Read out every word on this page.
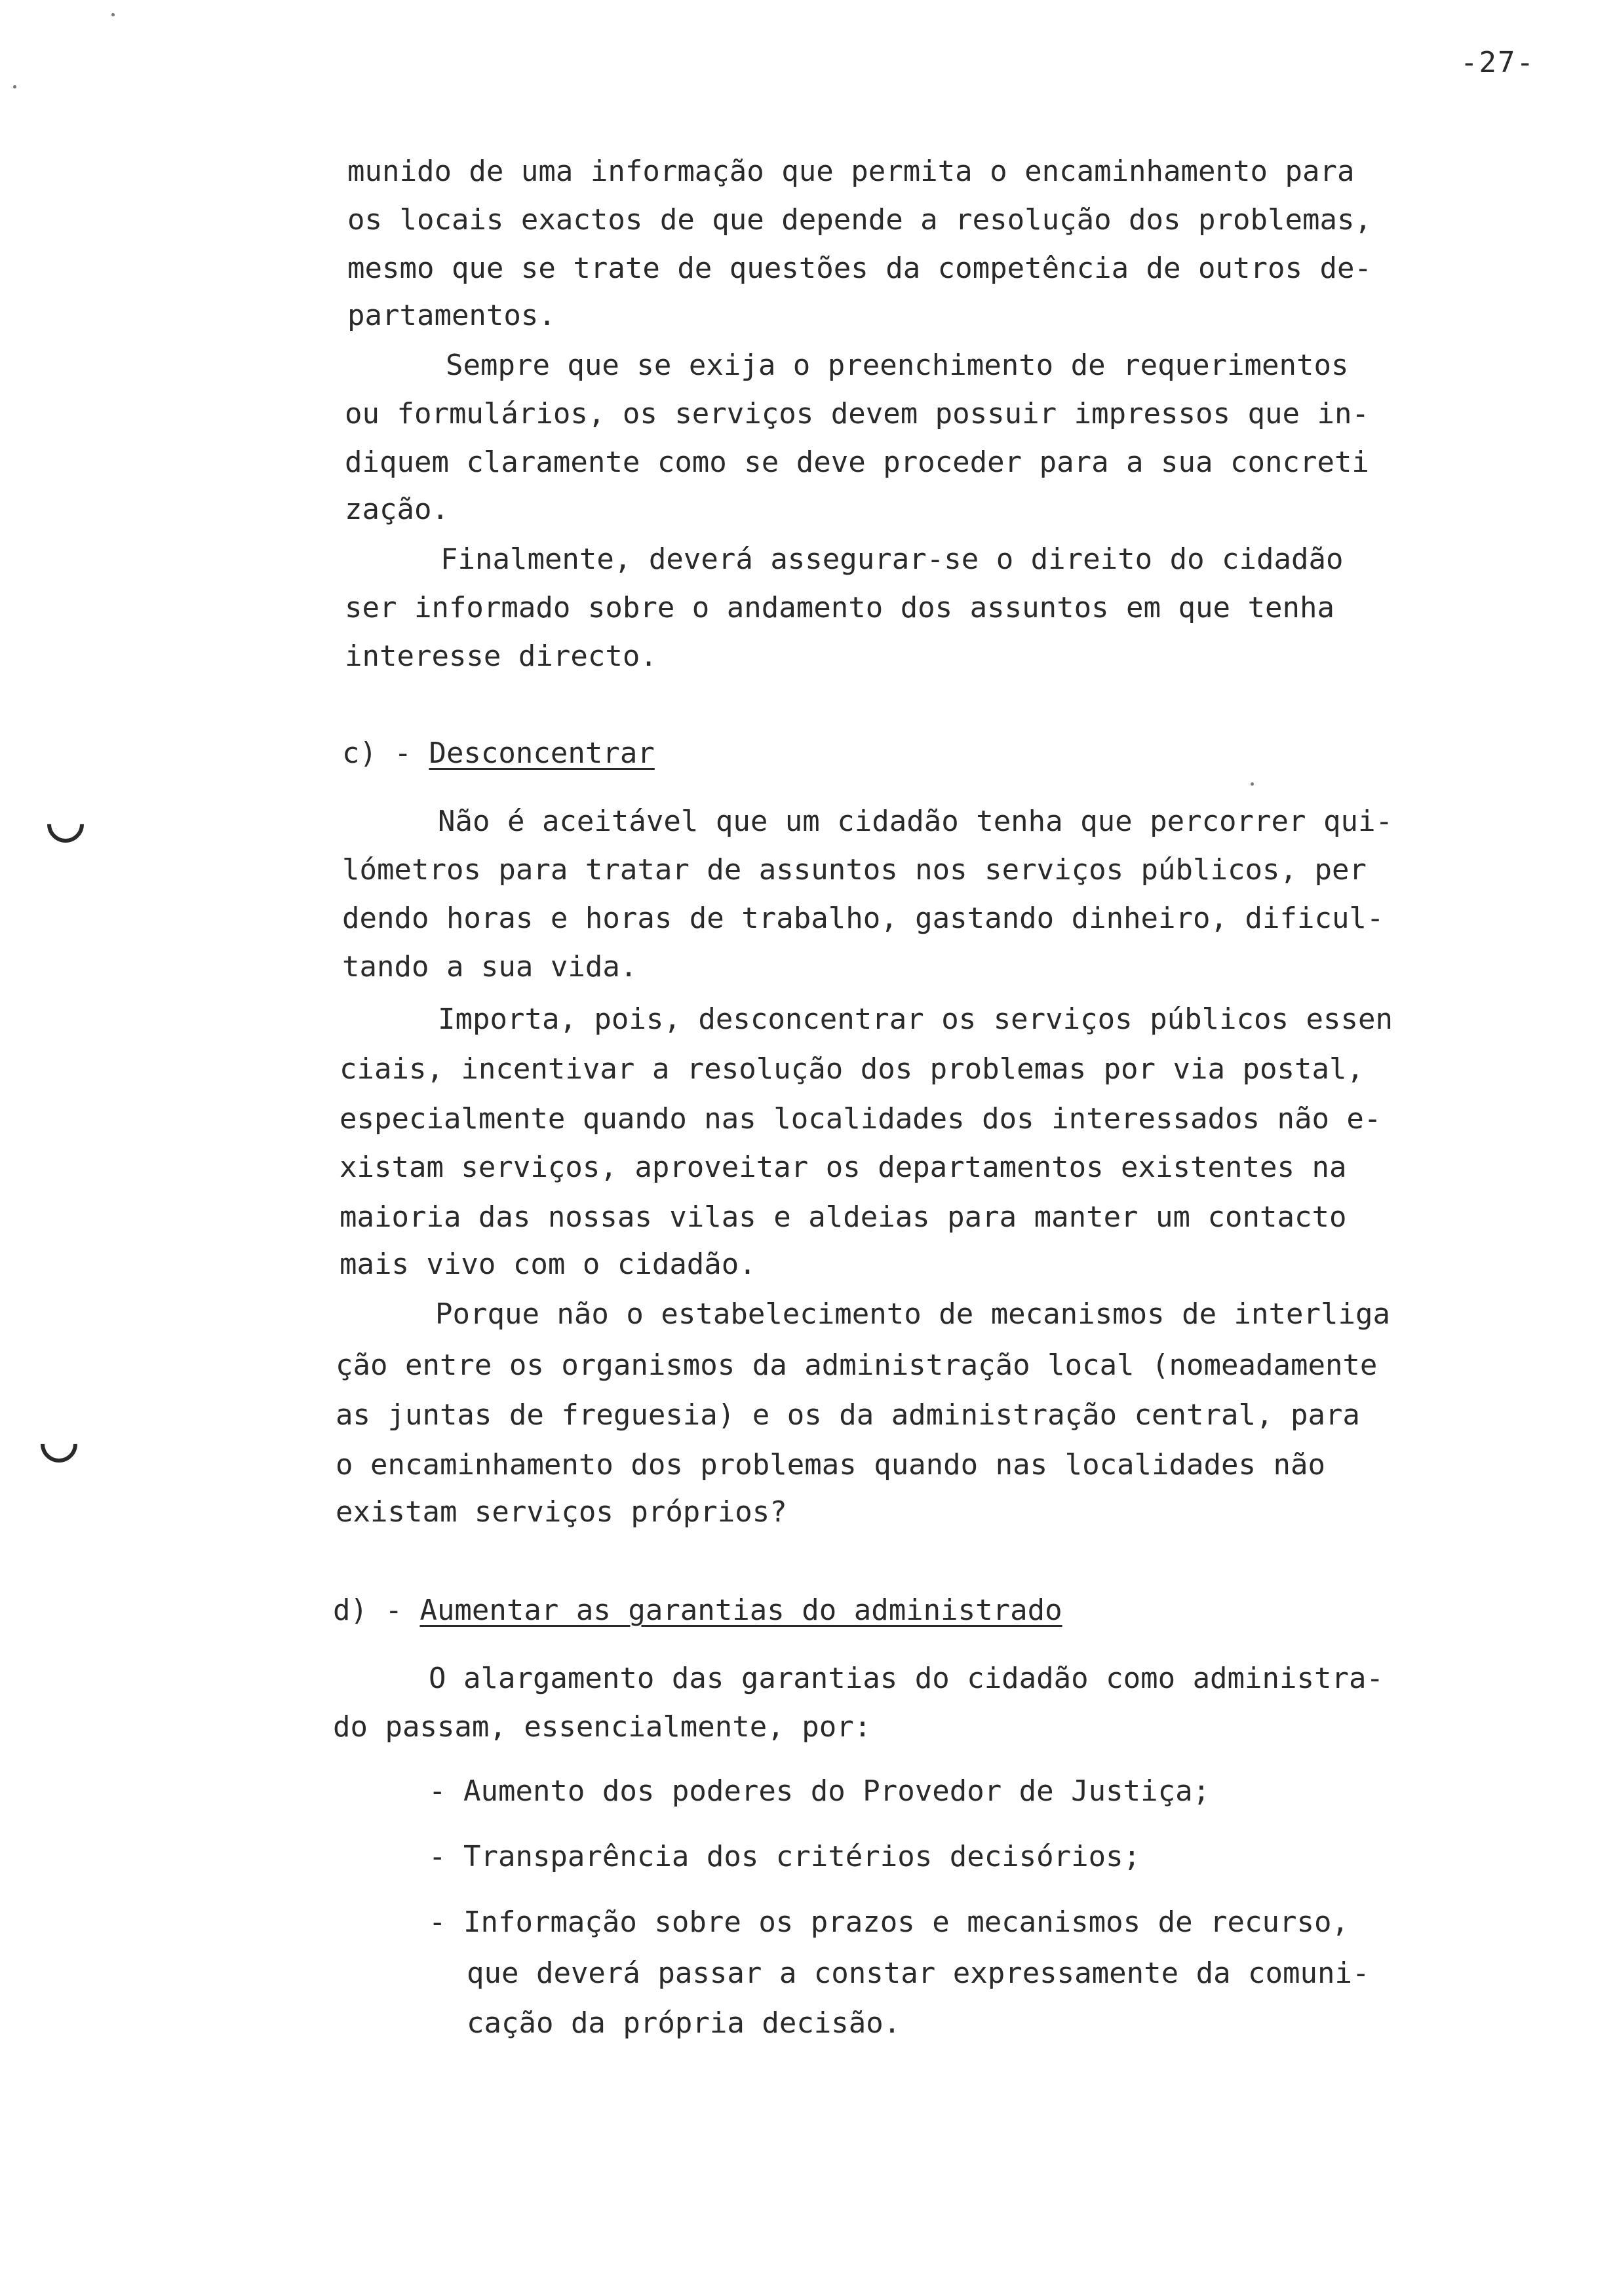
-27-
munido de uma informação que permita o encaminhamento para
os locais exactos de que depende a resolução dos problemas,
mesmo que se trate de questões da competência de outros de-
partamentos.
Sempre que se exija o preenchimento de requerimentos
ou formulários, os serviços devem possuir impressos que in-
diquem claramente como se deve proceder para a sua concreti
zação.
Finalmente, deverá assegurar-se o direito do cidadão
ser informado sobre o andamento dos assuntos em que tenha
interesse directo.
c) - Desconcentrar
Não é aceitável que um cidadão tenha que percorrer qui-
lómetros para tratar de assuntos nos serviços públicos, per
dendo horas e horas de trabalho, gastando dinheiro, dificul-
tando a sua vida.
Importa, pois, desconcentrar os serviços públicos essen
ciais, incentivar a resolução dos problemas por via postal,
especialmente quando nas localidades dos interessados não e-
xistam serviços, aproveitar os departamentos existentes na
maioria das nossas vilas e aldeias para manter um contacto
mais vivo com o cidadão.
Porque não o estabelecimento de mecanismos de interliga
ção entre os organismos da administração local (nomeadamente
as juntas de freguesia) e os da administração central, para
o encaminhamento dos problemas quando nas localidades não
existam serviços próprios?
d) - Aumentar as garantias do administrado
O alargamento das garantias do cidadão como administra-
do passam, essencialmente, por:
- Aumento dos poderes do Provedor de Justiça;
- Transparência dos critérios decisórios;
- Informação sobre os prazos e mecanismos de recurso,
que deverá passar a constar expressamente da comuni-
cação da própria decisão.
